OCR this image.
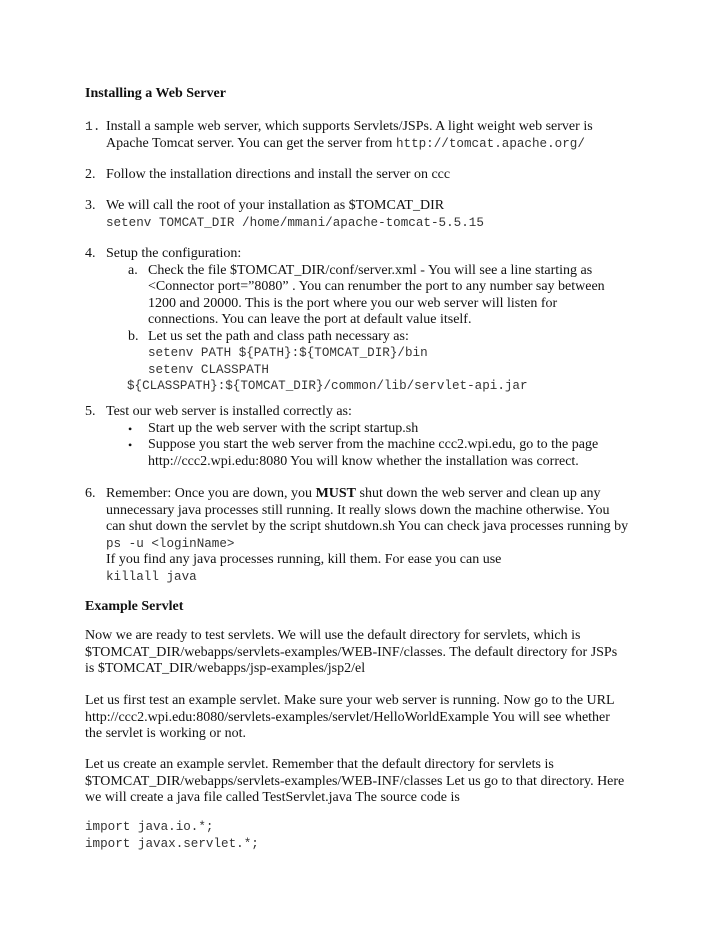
Installing a Web Server
1. Install a sample web server, which supports Servlets/JSPs. A light weight web server is
Apache Tomcat server. You can get the server from http://tomcat.apache.org/
2. Follow the installation directions and install the server on ccc
3. We will call the root of your installation as $TOMCAT_DIR
setenv TOMCAT_DIR /home/mmani/apache-tomcat-5.5.15
4. Setup the configuration:
a. Check the file $TOMCAT_DIR/conf/server.xml - You will see a line starting as
<Connector port=”8080” . You can renumber the port to any number say between
1200 and 20000. This is the port where you our web server will listen for
connections. You can leave the port at default value itself.
b. Let us set the path and class path necessary as:
setenv PATH ${PATH}:${TOMCAT_DIR}/bin
setenv CLASSPATH
${CLASSPATH}:${TOMCAT_DIR}/common/lib/servlet-api.jar
5. Test our web server is installed correctly as:
• Start up the web server with the script startup.sh
• Suppose you start the web server from the machine ccc2.wpi.edu, go to the page
http://ccc2.wpi.edu:8080 You will know whether the installation was correct.
6. Remember: Once you are down, you MUST shut down the web server and clean up any
unnecessary java processes still running. It really slows down the machine otherwise. You
can shut down the servlet by the script shutdown.sh You can check java processes running by
ps -u <loginName>
If you find any java processes running, kill them. For ease you can use
killall java
Example Servlet
Now we are ready to test servlets. We will use the default directory for servlets, which is
$TOMCAT_DIR/webapps/servlets-examples/WEB-INF/classes. The default directory for JSPs
is $TOMCAT_DIR/webapps/jsp-examples/jsp2/el
Let us first test an example servlet. Make sure your web server is running. Now go to the URL
http://ccc2.wpi.edu:8080/servlets-examples/servlet/HelloWorldExample You will see whether
the servlet is working or not.
Let us create an example servlet. Remember that the default directory for servlets is
$TOMCAT_DIR/webapps/servlets-examples/WEB-INF/classes Let us go to that directory. Here
we will create a java file called TestServlet.java The source code is
import java.io.*;
import javax.servlet.*;
